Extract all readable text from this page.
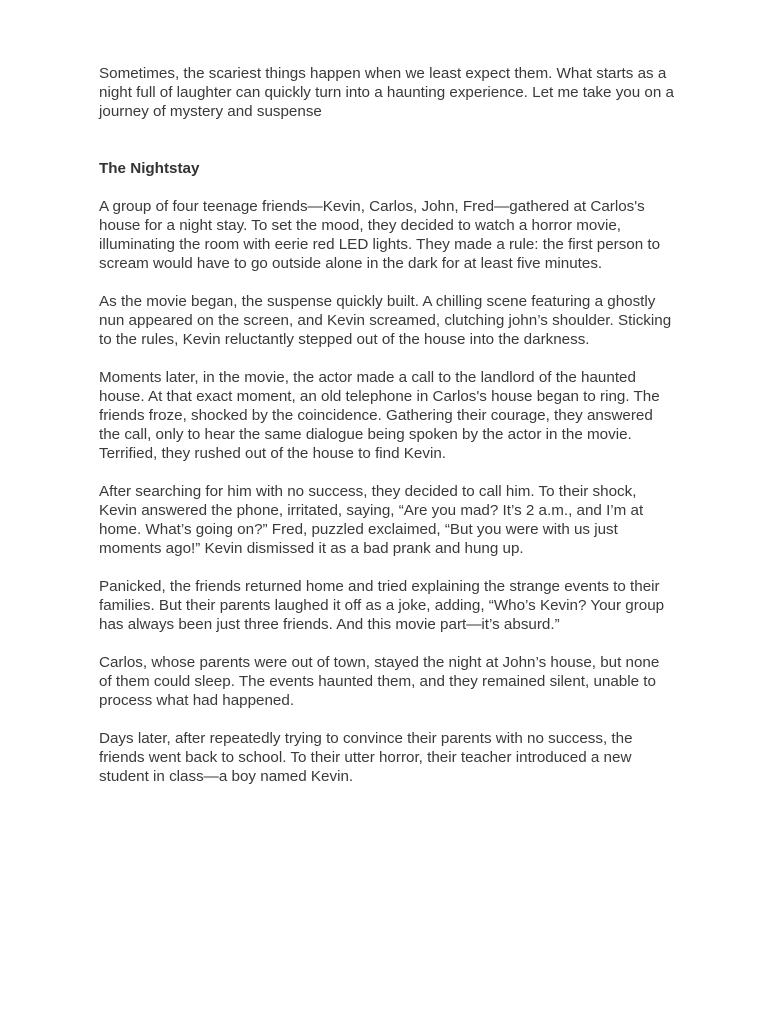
Sometimes, the scariest things happen when we least expect them. What starts as a night full of laughter can quickly turn into a haunting experience. Let me take you on a journey of mystery and suspense

The Nightstay

A group of four teenage friends—Kevin, Carlos, John, Fred—gathered at Carlos's house for a night stay. To set the mood, they decided to watch a horror movie, illuminating the room with eerie red LED lights. They made a rule: the first person to scream would have to go outside alone in the dark for at least five minutes.

As the movie began, the suspense quickly built. A chilling scene featuring a ghostly nun appeared on the screen, and Kevin screamed, clutching john’s shoulder. Sticking to the rules, Kevin reluctantly stepped out of the house into the darkness.

Moments later, in the movie, the actor made a call to the landlord of the haunted house. At that exact moment, an old telephone in Carlos's house began to ring. The friends froze, shocked by the coincidence. Gathering their courage, they answered the call, only to hear the same dialogue being spoken by the actor in the movie. Terrified, they rushed out of the house to find Kevin.

After searching for him with no success, they decided to call him. To their shock, Kevin answered the phone, irritated, saying, “Are you mad? It’s 2 a.m., and I’m at home. What’s going on?” Fred, puzzled exclaimed, “But you were with us just moments ago!” Kevin dismissed it as a bad prank and hung up.

Panicked, the friends returned home and tried explaining the strange events to their families. But their parents laughed it off as a joke, adding, “Who’s Kevin? Your group has always been just three friends. And this movie part—it’s absurd.”

Carlos, whose parents were out of town, stayed the night at John’s house, but none of them could sleep. The events haunted them, and they remained silent, unable to process what had happened.

Days later, after repeatedly trying to convince their parents with no success, the friends went back to school. To their utter horror, their teacher introduced a new student in class—a boy named Kevin.
